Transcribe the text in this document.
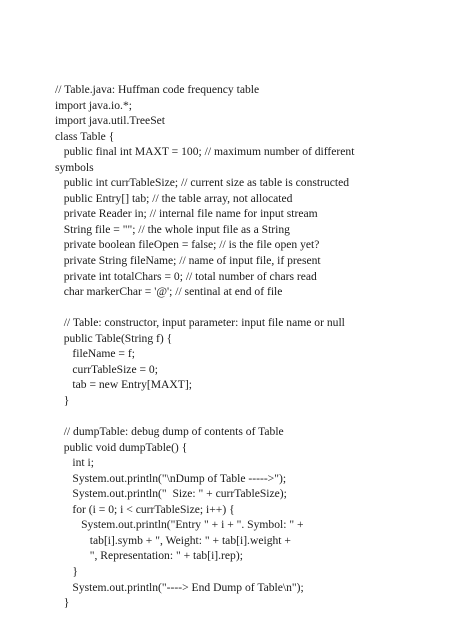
// Table.java: Huffman code frequency table
import java.io.*;
import java.util.TreeSet
class Table {
public final int MAXT = 100; // maximum number of different
symbols
public int currTableSize; // current size as table is constructed
public Entry[] tab; // the table array, not allocated
private Reader in; // internal file name for input stream
String file = ""; // the whole input file as a String
private boolean fileOpen = false; // is the file open yet?
private String fileName; // name of input file, if present
private int totalChars = 0; // total number of chars read
char markerChar = '@'; // sentinal at end of file
// Table: constructor, input parameter: input file name or null
public Table(String f) {
fileName = f;
currTableSize = 0;
tab = new Entry[MAXT];
}
// dumpTable: debug dump of contents of Table
public void dumpTable() {
int i;
System.out.println("\nDump of Table ----->");
System.out.println("  Size: " + currTableSize);
for (i = 0; i < currTableSize; i++) {
System.out.println("Entry " + i + ". Symbol: " +
tab[i].symb + ", Weight: " + tab[i].weight +
", Representation: " + tab[i].rep);
}
System.out.println("----> End Dump of Table\n");
}
